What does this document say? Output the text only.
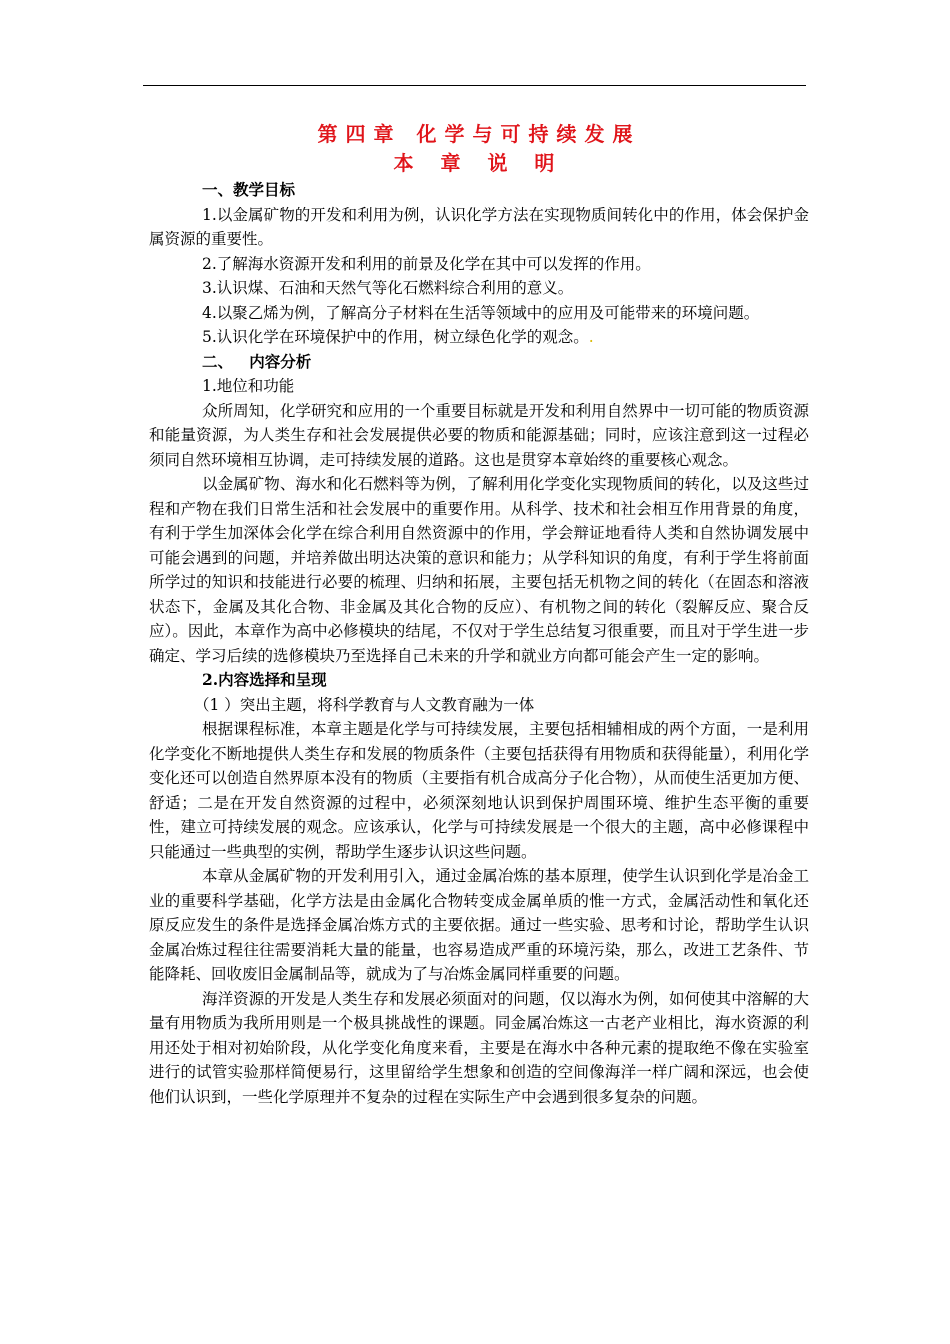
第四章 化学与可持续发展

本 章 说 明

一、教学目标

1.以金属矿物的开发和利用为例，认识化学方法在实现物质间转化中的作用，体会保护金属资源的重要性。

2.了解海水资源开发和利用的前景及化学在其中可以发挥的作用。

3.认识煤、石油和天然气等化石燃料综合利用的意义。

4.以聚乙烯为例，了解高分子材料在生活等领域中的应用及可能带来的环境问题。

5.认识化学在环境保护中的作用，树立绿色化学的观念。.

二、   内容分析

1.地位和功能

众所周知，化学研究和应用的一个重要目标就是开发和利用自然界中一切可能的物质资源和能量资源，为人类生存和社会发展提供必要的物质和能源基础；同时，应该注意到这一过程必须同自然环境相互协调，走可持续发展的道路。这也是贯穿本章始终的重要核心观念。

以金属矿物、海水和化石燃料等为例，了解利用化学变化实现物质间的转化，以及这些过程和产物在我们日常生活和社会发展中的重要作用。从科学、技术和社会相互作用背景的角度，有利于学生加深体会化学在综合利用自然资源中的作用，学会辩证地看待人类和自然协调发展中可能会遇到的问题，并培养做出明达决策的意识和能力；从学科知识的角度，有利于学生将前面所学过的知识和技能进行必要的梳理、归纳和拓展，主要包括无机物之间的转化（在固态和溶液状态下，金属及其化合物、非金属及其化合物的反应）、有机物之间的转化（裂解反应、聚合反应）。因此，本章作为高中必修模块的结尾，不仅对于学生总结复习很重要，而且对于学生进一步确定、学习后续的选修模块乃至选择自己未来的升学和就业方向都可能会产生一定的影响。

2.内容选择和呈现

（1 ）突出主题，将科学教育与人文教育融为一体

根据课程标准，本章主题是化学与可持续发展，主要包括相辅相成的两个方面，一是利用化学变化不断地提供人类生存和发展的物质条件（主要包括获得有用物质和获得能量），利用化学变化还可以创造自然界原本没有的物质（主要指有机合成高分子化合物），从而使生活更加方便、舒适；二是在开发自然资源的过程中，必须深刻地认识到保护周围环境、维护生态平衡的重要性，建立可持续发展的观念。应该承认，化学与可持续发展是一个很大的主题，高中必修课程中只能通过一些典型的实例，帮助学生逐步认识这些问题。

本章从金属矿物的开发利用引入，通过金属冶炼的基本原理，使学生认识到化学是冶金工业的重要科学基础，化学方法是由金属化合物转变成金属单质的惟一方式，金属活动性和氧化还原反应发生的条件是选择金属冶炼方式的主要依据。通过一些实验、思考和讨论，帮助学生认识金属冶炼过程往往需要消耗大量的能量，也容易造成严重的环境污染，那么，改进工艺条件、节能降耗、回收废旧金属制品等，就成为了与冶炼金属同样重要的问题。

海洋资源的开发是人类生存和发展必须面对的问题，仅以海水为例，如何使其中溶解的大量有用物质为我所用则是一个极具挑战性的课题。同金属冶炼这一古老产业相比，海水资源的利用还处于相对初始阶段，从化学变化角度来看，主要是在海水中各种元素的提取绝不像在实验室进行的试管实验那样简便易行，这里留给学生想象和创造的空间像海洋一样广阔和深远，也会使他们认识到，一些化学原理并不复杂的过程在实际生产中会遇到很多复杂的问题。
